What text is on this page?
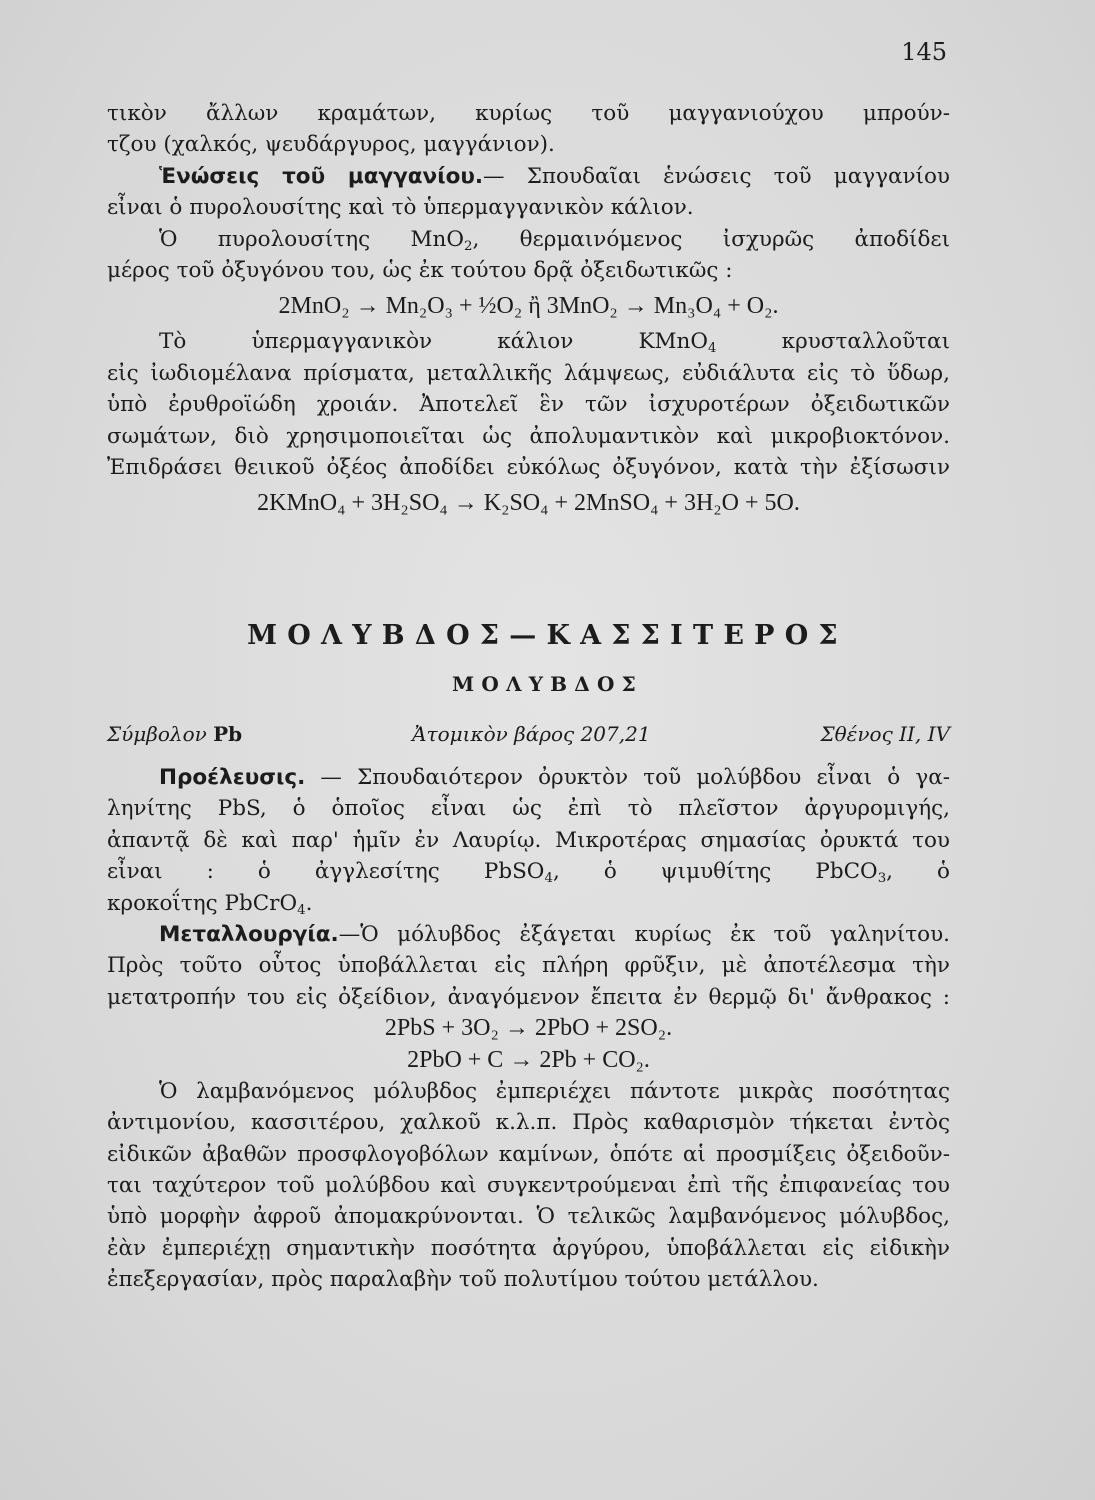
145
τικὸν ἄλλων κραμάτων, κυρίως τοῦ μαγγανιούχου μπρούν-
τζου (χαλκός, ψευδάργυρος, μαγγάνιον).
Ἑνώσεις τοῦ μαγγανίου.— Σπουδαῖαι ἑνώσεις τοῦ μαγγανίου
εἶναι ὁ πυρολουσίτης καὶ τὸ ὑπερμαγγανικὸν κάλιον.
Ὁ πυρολουσίτης MnO$_2$, θερμαινόμενος ἰσχυρῶς ἀποδίδει
μέρος τοῦ ὀξυγόνου του, ὡς ἐκ τούτου δρᾷ ὀξειδωτικῶς :
2MnO₂ → Mn₂O₃ + ½O₂ ἢ 3MnO₂ → Mn₃O₄ + O₂.
Τὸ ὑπερμαγγανικὸν κάλιον KMnO$_4$ κρυσταλλοῦται
εἰς ἰωδιομέλανα πρίσματα, μεταλλικῆς λάμψεως, εὐδιάλυτα εἰς τὸ ὕδωρ,
ὑπὸ ἐρυθροϊώδη χροιάν. Ἀποτελεῖ ἓν τῶν ἰσχυροτέρων ὀξειδωτικῶν
σωμάτων, διὸ χρησιμοποιεῖται ὡς ἀπολυμαντικὸν καὶ μικροβιοκτόνον.
Ἐπιδράσει θειικοῦ ὀξέος ἀποδίδει εὐκόλως ὀξυγόνον, κατὰ τὴν ἐξίσωσιν
2KMnO₄ + 3H₂SO₄ → K₂SO₄ + 2MnSO₄ + 3H₂O + 5O.
ΜΟΛΥΒΔΟΣ—ΚΑΣΣΙΤΕΡΟΣ
ΜΟΛΥΒΔΟΣ
Σύμβολον Pb	Ἀτομικὸν βάρος 207,21	Σθένος II, IV
Προέλευσις. — Σπουδαιότερον ὀρυκτὸν τοῦ μολύβδου εἶναι ὁ γα-
ληνίτης PbS, ὁ ὁποῖος εἶναι ὡς ἐπὶ τὸ πλεῖστον ἀργυρομιγής,
ἀπαντᾷ δὲ καὶ παρ' ἡμῖν ἐν Λαυρίῳ. Μικροτέρας σημασίας ὀρυκτά του
εἶναι : ὁ ἀγγλεσίτης PbSO$_4$, ὁ ψιμυθίτης PbCO$_3$, ὁ
κροκοΐτης PbCrO$_4$.
Μεταλλουργία.—Ὁ μόλυβδος ἐξάγεται κυρίως ἐκ τοῦ γαληνίτου.
Πρὸς τοῦτο οὗτος ὑποβάλλεται εἰς πλήρη φρῦξιν, μὲ ἀποτέλεσμα τὴν
μετατροπήν του εἰς ὀξείδιον, ἀναγόμενον ἔπειτα ἐν θερμῷ δι' ἄνθρακος :
2PbS + 3O₂ → 2PbO + 2SO₂.
2PbO + C → 2Pb + CO₂.
Ὁ λαμβανόμενος μόλυβδος ἐμπεριέχει πάντοτε μικρὰς ποσότητας
ἀντιμονίου, κασσιτέρου, χαλκοῦ κ.λ.π. Πρὸς καθαρισμὸν τήκεται ἐντὸς
εἰδικῶν ἀβαθῶν προσφλογοβόλων καμίνων, ὁπότε αἱ προσμίξεις ὀξειδοῦν-
ται ταχύτερον τοῦ μολύβδου καὶ συγκεντρούμεναι ἐπὶ τῆς ἐπιφανείας του
ὑπὸ μορφὴν ἀφροῦ ἀπομακρύνονται. Ὁ τελικῶς λαμβανόμενος μόλυβδος,
ἐὰν ἐμπεριέχῃ σημαντικὴν ποσότητα ἀργύρου, ὑποβάλλεται εἰς εἰδικὴν
ἐπεξεργασίαν, πρὸς παραλαβὴν τοῦ πολυτίμου τούτου μετάλλου.
